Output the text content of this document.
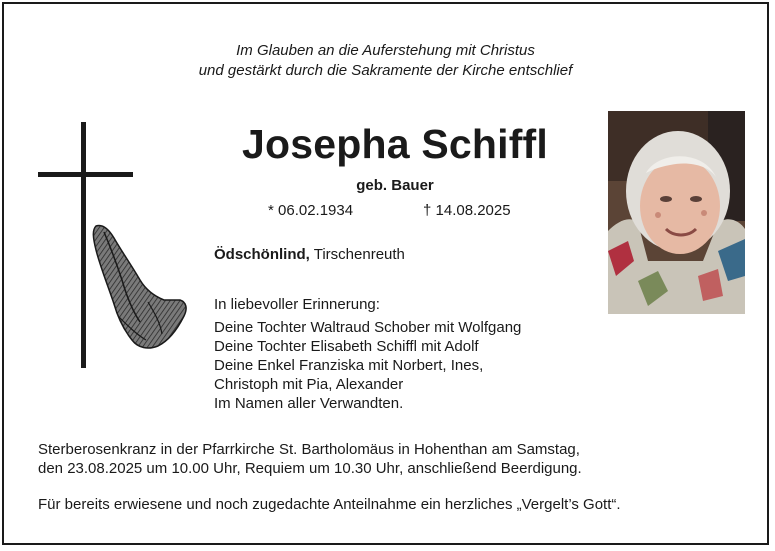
Im Glauben an die Auferstehung mit Christus
und gestärkt durch die Sakramente der Kirche entschlief
Josepha Schiffl
geb. Bauer
* 06.02.1934	† 14.08.2025
Ödschönlind, Tirschenreuth
In liebevoller Erinnerung:
Deine Tochter Waltraud Schober mit Wolfgang
Deine Tochter Elisabeth Schiffl mit Adolf
Deine Enkel Franziska mit Norbert, Ines,
Christoph mit Pia, Alexander
Im Namen aller Verwandten.
Sterberosenkranz in der Pfarrkirche St. Bartholomäus in Hohenthan am Samstag,
den 23.08.2025 um 10.00 Uhr, Requiem um 10.30 Uhr, anschließend Beerdigung.
Für bereits erwiesene und noch zugedachte Anteilnahme ein herzliches „Vergelt’s Gott“.
